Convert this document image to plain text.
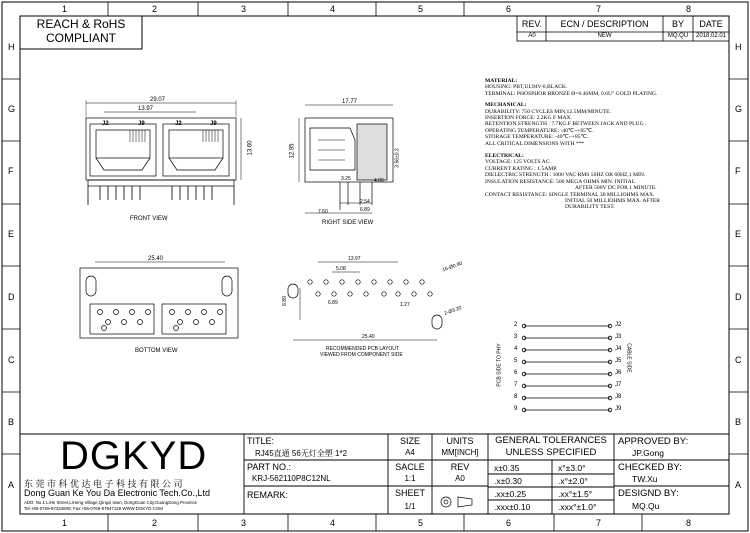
1	2	3	4	5	6	7	8
1	2	3	4	5	6	7	8
H
G
F
E
D
C
B
A
H
G
F
E
D
C
B
A
REACH & RoHS
COMPLIANT
REV.	ECN / DESCRIPTION	BY	DATE
A0	NEW	MQ.QU	2018.02.01
29.07
13.97
13.60
J2	J9	J2	J9
FRONT VIEW
17.77
12.95
4.06
3.25
3.56±0.3
2.54
6.89
7.60
RIGHT SIDE VIEW
25.40
BOTTOM VIEW
13.97
5.08	16-Ø0.90
8.89	6.89	1.27
25.40
2-Ø3.20
RECOMMENDED PCB LAYOUT
VIEWED FROM COMPONENT SIDE
2
3
4
5
6
7
8
9
J2
J3
J4
J5
J6
J7
J8
J9
PCB SIDE TO PHY	CABLE SIDE
MATERIAL:
HOUSING: PBT,UL94V-0,BLACK.
TERMINAL: PHOSPHOR BRONZE Ø=0.46MM, 0.6U" GOLD PLATING.
MECHANICAL:
DURABILITY: 750 CYCLES MIN,12.5MM/MINUTE.
INSERTION FORCE: 2.2KG F MAX.
RETENTION STRENGTH : 7.7KG.F BETWEEN JACK AND PLUG .
OPERATING TEMPERATURE: -40℃~+85℃.
STORAGE TEMPERATURE: -40℃~+85℃.
ALL CRITICAL DIMENSIONS WITH ***
ELECTRICAL:
VOLTAGE: 125 VOLTS AC.
CURRENT RATING : 1.5AMP.
DIELECTRIC STRENGTH : 1000 VAC RMS 50HZ OR 60HZ,1 MIN.
INSULATION RESISTANCE: 500 MEGA OHMS MIN. INITIAL
AFTER 500V DC FOR 1 MINUTE.
CONTACT RESISTANCE: SINGLE TERMINAL 30 MILLIOHMS MAX.
INITIAL 50 MILLIOHMS MAX. AFTER
DURABILITY TEST.
DGKYD
东 莞 市 科 优 达 电 子 科 技 有 限 公 司
Dong Guan Ke You Da Electronic Tech.Co.,Ltd
ADD: No.1 LiHe Street,LiHeng Village,Qingxi town, DongGuan City,GuangDong Province
Tel:+86-0769-87334608; Fax:+86-0769-87847129 WWW.DGKYD.COM
TITLE:
RJ45直通 56无灯全塑 1*2
PART NO.:
KRJ-562110P8C12NL
REMARK:
SIZE
A4
UNITS
MM[INCH]
SACLE
1:1
REV
A0
SHEET
1/1
GENERAL TOLERANCES
UNLESS SPECIFIED
x±0.35	x°±3.0°
.x±0.30	.x°±2.0°
.xx±0.25	.xx°±1.5°
.xxx±0.10	.xxx°±1.0°
APPROVED BY:
JP.Gong
CHECKED BY:
TW.Xu
DESIGND BY:
MQ.Qu
